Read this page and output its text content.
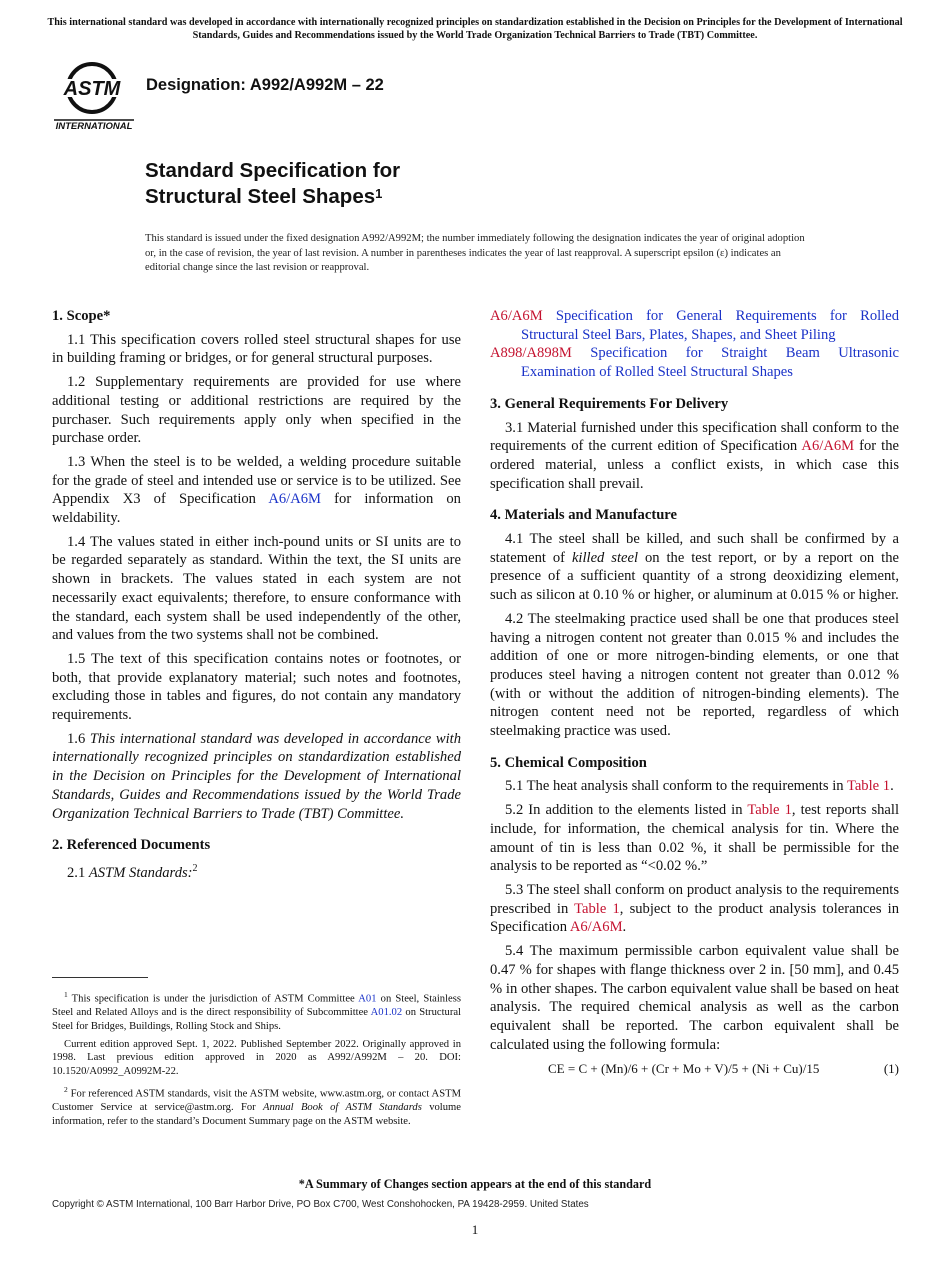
This international standard was developed in accordance with internationally recognized principles on standardization established in the Decision on Principles for the Development of International Standards, Guides and Recommendations issued by the World Trade Organization Technical Barriers to Trade (TBT) Committee.
ASTM
INTERNATIONAL
Designation: A992/A992M – 22
Standard Specification for
Structural Steel Shapes$^1$
This standard is issued under the fixed designation A992/A992M; the number immediately following the designation indicates the year of original adoption or, in the case of revision, the year of last revision. A number in parentheses indicates the year of last reapproval. A superscript epsilon (ε) indicates an editorial change since the last revision or reapproval.
1. Scope*

1.1 This specification covers rolled steel structural shapes for use in building framing or bridges, or for general structural purposes.

1.2 Supplementary requirements are provided for use where additional testing or additional restrictions are required by the purchaser. Such requirements apply only when specified in the purchase order.

1.3 When the steel is to be welded, a welding procedure suitable for the grade of steel and intended use or service is to be utilized. See Appendix X3 of Specification A6/A6M for information on weldability.

1.4 The values stated in either inch-pound units or SI units are to be regarded separately as standard. Within the text, the SI units are shown in brackets. The values stated in each system are not necessarily exact equivalents; therefore, to ensure conformance with the standard, each system shall be used independently of the other, and values from the two systems shall not be combined.

1.5 The text of this specification contains notes or footnotes, or both, that provide explanatory material; such notes and footnotes, excluding those in tables and figures, do not contain any mandatory requirements.

1.6 This international standard was developed in accordance with internationally recognized principles on standardization established in the Decision on Principles for the Development of International Standards, Guides and Recommendations issued by the World Trade Organization Technical Barriers to Trade (TBT) Committee.

2. Referenced Documents

2.1 ASTM Standards:$^2$

$^1$ This specification is under the jurisdiction of ASTM Committee A01 on Steel, Stainless Steel and Related Alloys and is the direct responsibility of Subcommittee A01.02 on Structural Steel for Bridges, Buildings, Rolling Stock and Ships.

Current edition approved Sept. 1, 2022. Published September 2022. Originally approved in 1998. Last previous edition approved in 2020 as A992/A992M – 20. DOI: 10.1520/A0992_A0992M-22.

$^2$ For referenced ASTM standards, visit the ASTM website, www.astm.org, or contact ASTM Customer Service at service@astm.org. For Annual Book of ASTM Standards volume information, refer to the standard’s Document Summary page on the ASTM website.

A6/A6M Specification for General Requirements for Rolled Structural Steel Bars, Plates, Shapes, and Sheet Piling

A898/A898M Specification for Straight Beam Ultrasonic Examination of Rolled Steel Structural Shapes

3. General Requirements For Delivery

3.1 Material furnished under this specification shall conform to the requirements of the current edition of Specification A6/A6M for the ordered material, unless a conflict exists, in which case this specification shall prevail.

4. Materials and Manufacture

4.1 The steel shall be killed, and such shall be confirmed by a statement of killed steel on the test report, or by a report on the presence of a sufficient quantity of a strong deoxidizing element, such as silicon at 0.10 % or higher, or aluminum at 0.015 % or higher.

4.2 The steelmaking practice used shall be one that produces steel having a nitrogen content not greater than 0.015 % and includes the addition of one or more nitrogen-binding elements, or one that produces steel having a nitrogen content not greater than 0.012 % (with or without the addition of nitrogen-binding elements). The nitrogen content need not be reported, regardless of which steelmaking practice was used.

5. Chemical Composition

5.1 The heat analysis shall conform to the requirements in Table 1.

5.2 In addition to the elements listed in Table 1, test reports shall include, for information, the chemical analysis for tin. Where the amount of tin is less than 0.02 %, it shall be permissible for the analysis to be reported as “<0.02 %.”

5.3 The steel shall conform on product analysis to the requirements prescribed in Table 1, subject to the product analysis tolerances in Specification A6/A6M.

5.4 The maximum permissible carbon equivalent value shall be 0.47 % for shapes with flange thickness over 2 in. [50 mm], and 0.45 % in other shapes. The carbon equivalent value shall be based on heat analysis. The required chemical analysis as well as the carbon equivalent shall be reported. The carbon equivalent shall be calculated using the following formula:

CE = C + (Mn)/6 + (Cr + Mo + V)/5 + (Ni + Cu)/15	(1)
*A Summary of Changes section appears at the end of this standard
Copyright © ASTM International, 100 Barr Harbor Drive, PO Box C700, West Conshohocken, PA 19428-2959. United States
1
